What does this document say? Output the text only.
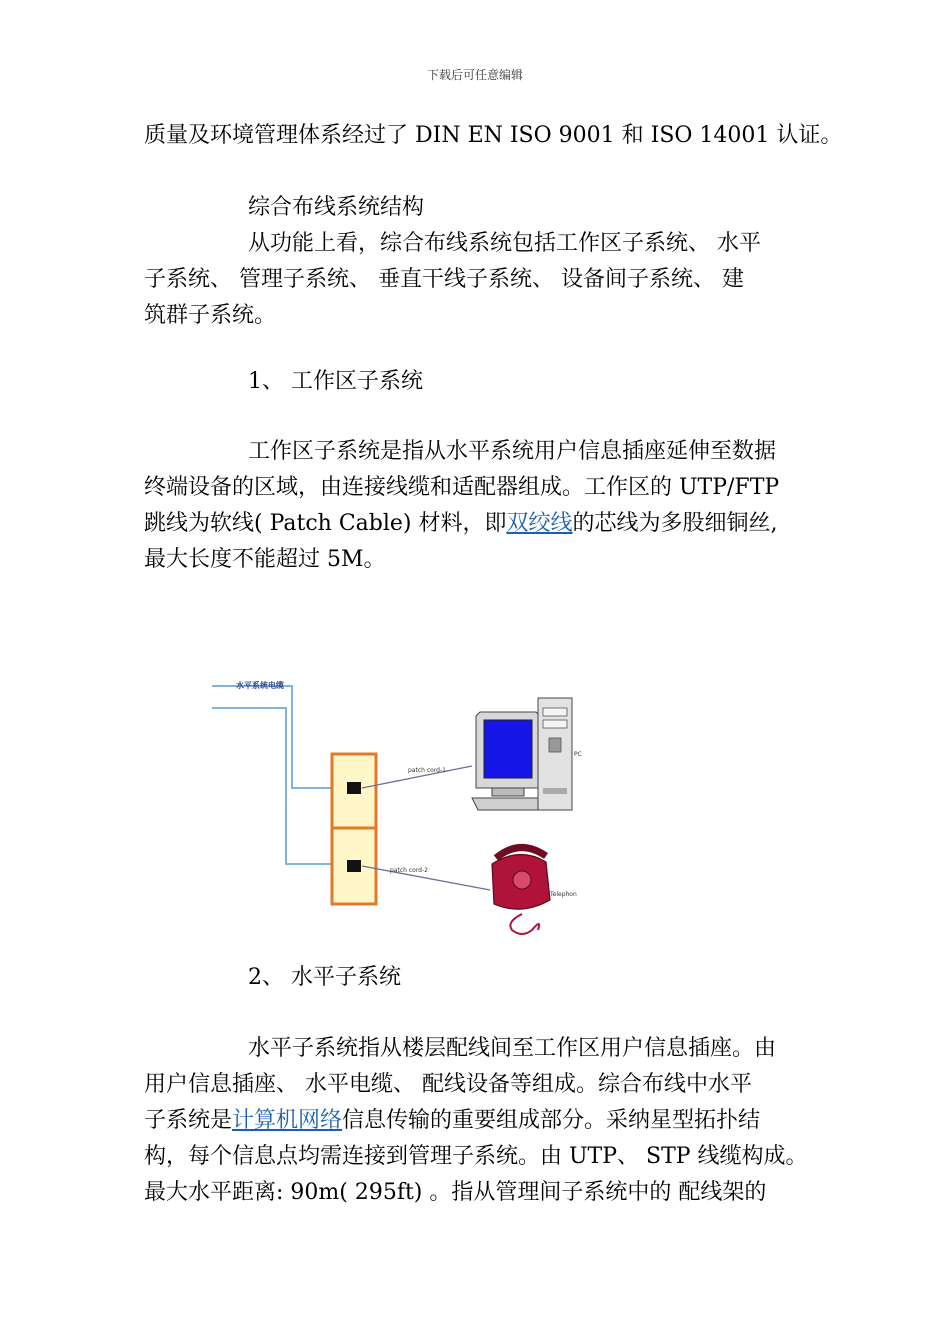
下载后可任意编辑
质量及环境管理体系经过了 DIN EN ISO 9001 和 ISO 14001 认证。
综合布线系统结构
从功能上看，综合布线系统包括工作区子系统、 水平
子系统、 管理子系统、 垂直干线子系统、 设备间子系统、 建
筑群子系统。
1、 工作区子系统
工作区子系统是指从水平系统用户信息插座延伸至数据
终端设备的区域，由连接线缆和适配器组成。工作区的 UTP/FTP
跳线为软线( Patch Cable) 材料，即双绞线的芯线为多股细铜丝,
最大长度不能超过 5M。
水平系统电缆
patch cord-1
patch cord-2
PC
Telephon
2、 水平子系统
水平子系统指从楼层配线间至工作区用户信息插座。由
用户信息插座、 水平电缆、 配线设备等组成。综合布线中水平
子系统是计算机网络信息传输的重要组成部分。采纳星型拓扑结
构，每个信息点均需连接到管理子系统。由 UTP、 STP 线缆构成。
最大水平距离: 90m( 295ft) 。指从管理间子系统中的 配线架的
